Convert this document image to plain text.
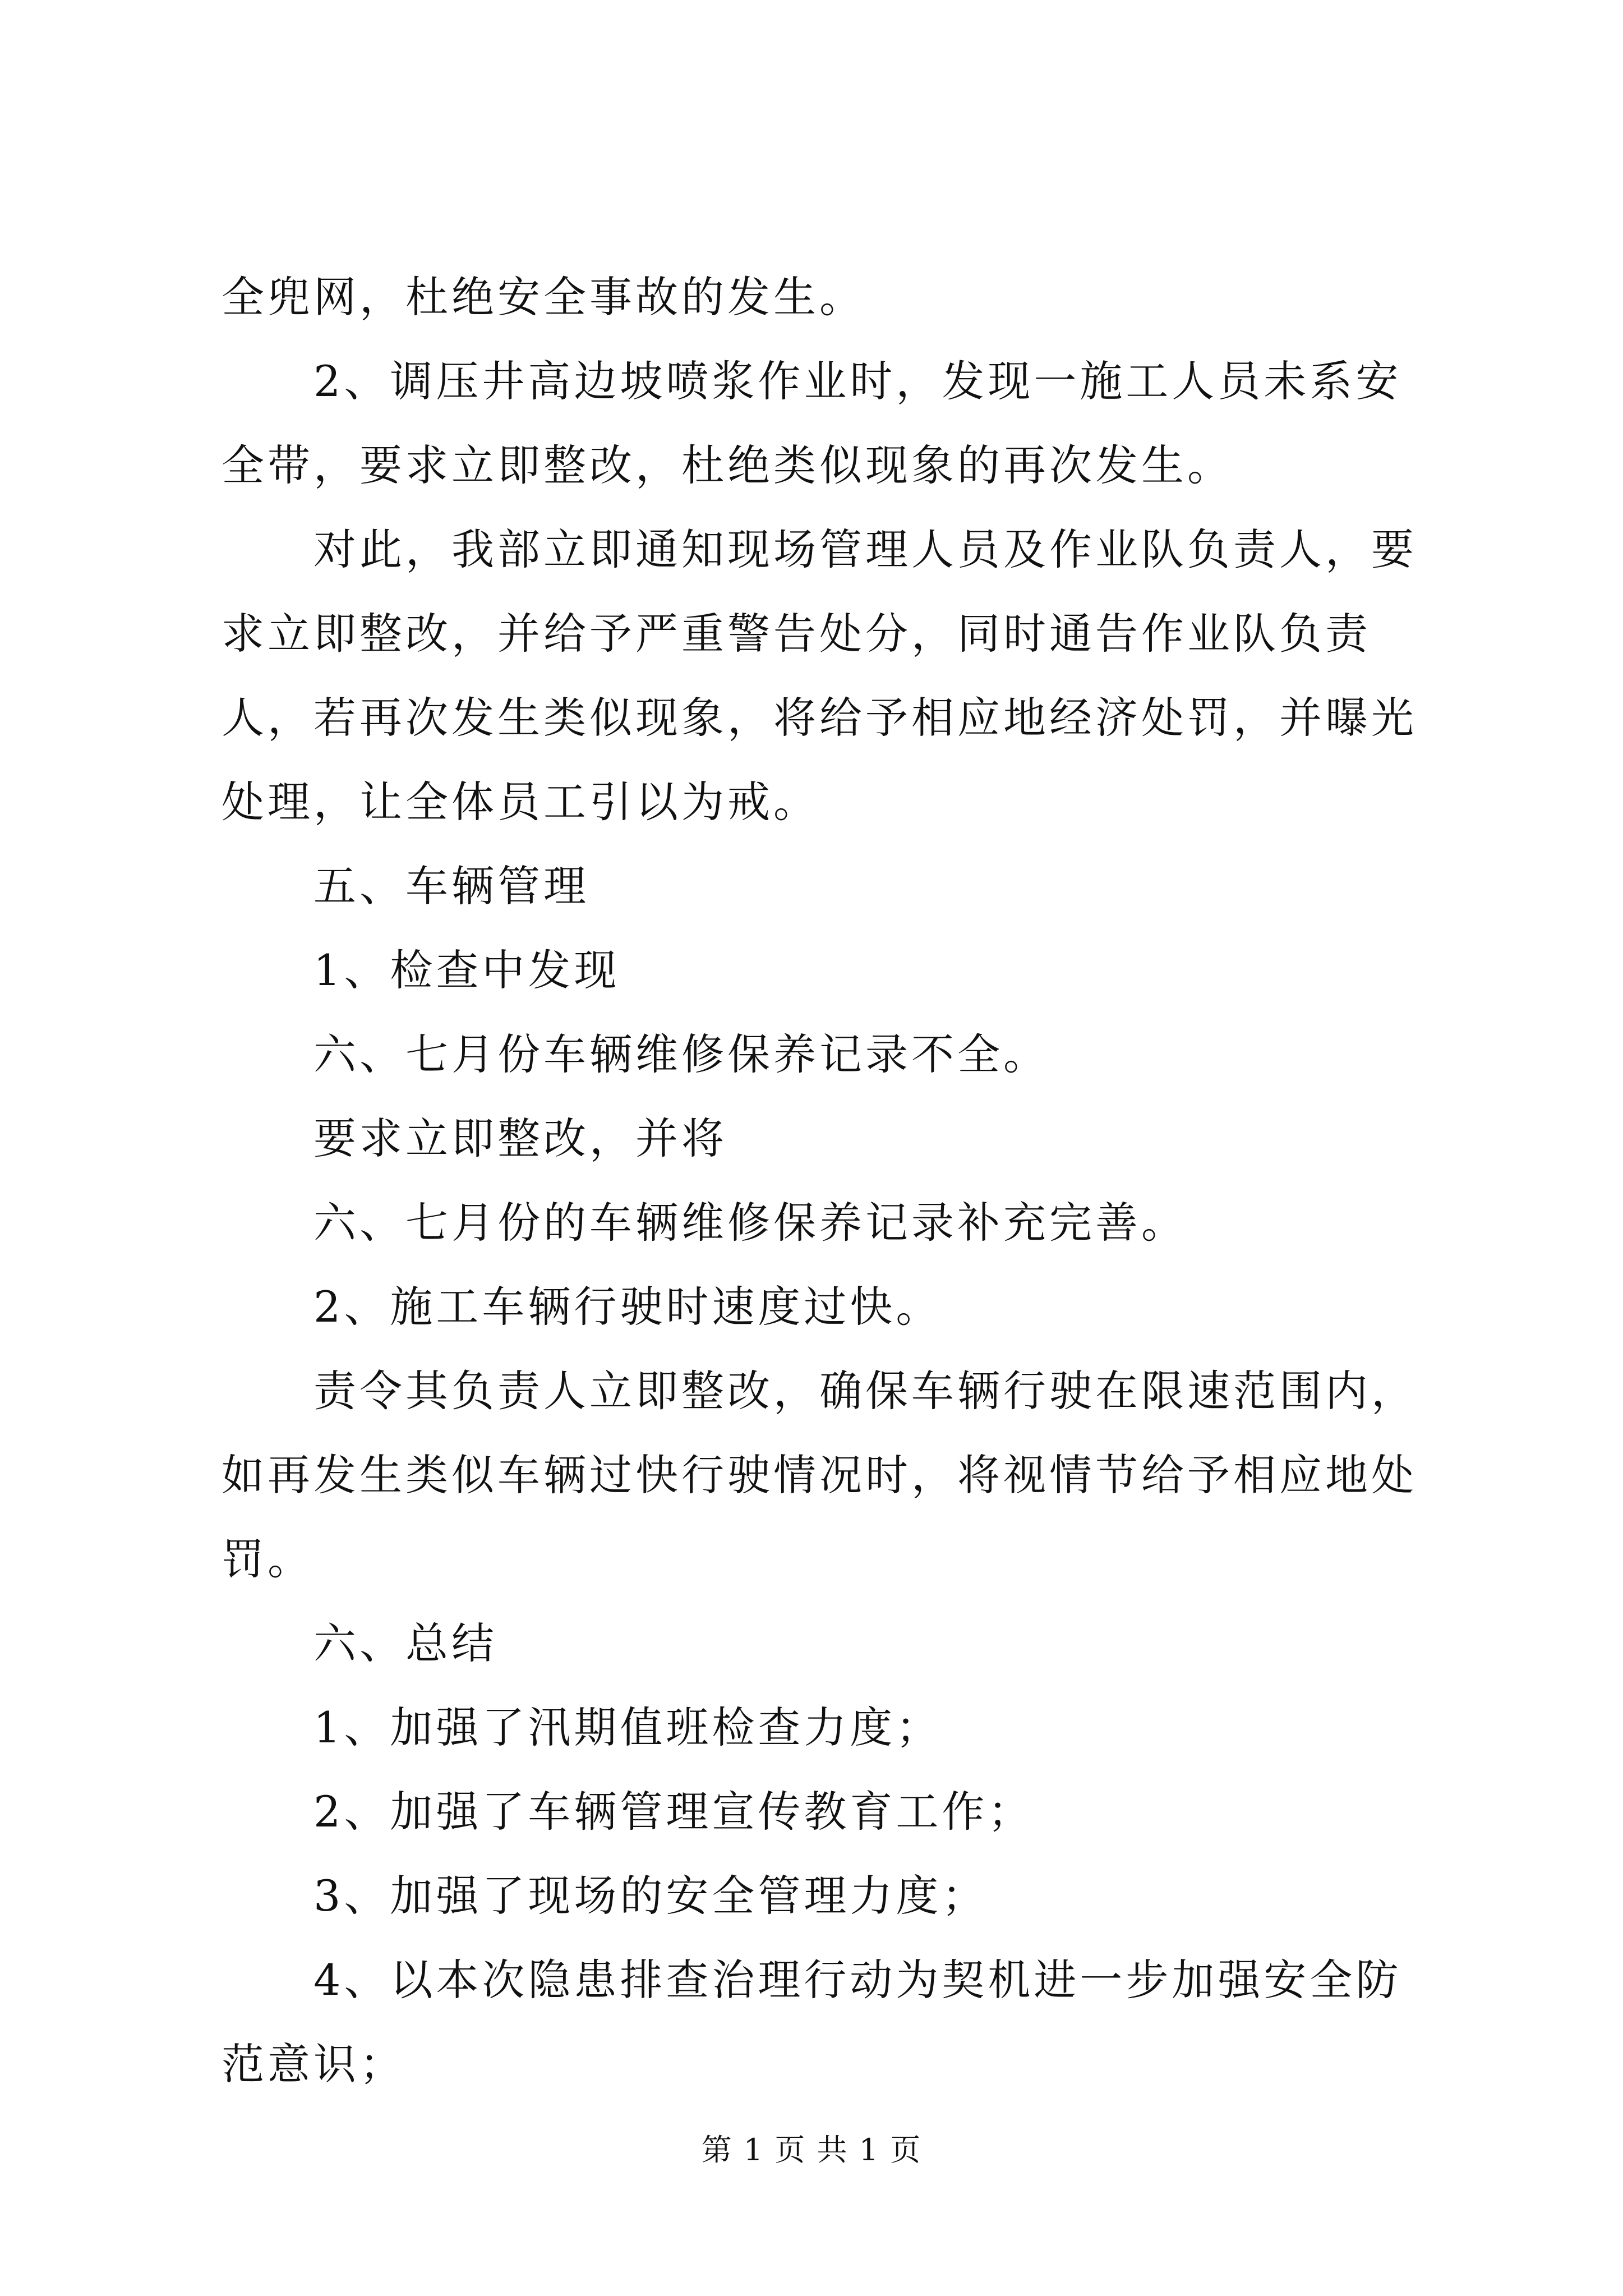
全兜网，杜绝安全事故的发生。

2、调压井高边坡喷浆作业时，发现一施工人员未系安全带，要求立即整改，杜绝类似现象的再次发生。

对此，我部立即通知现场管理人员及作业队负责人，要求立即整改，并给予严重警告处分，同时通告作业队负责人，若再次发生类似现象，将给予相应地经济处罚，并曝光处理，让全体员工引以为戒。

五、车辆管理

1、检查中发现

六、七月份车辆维修保养记录不全。

要求立即整改，并将

六、七月份的车辆维修保养记录补充完善。

2、施工车辆行驶时速度过快。

责令其负责人立即整改，确保车辆行驶在限速范围内，如再发生类似车辆过快行驶情况时，将视情节给予相应地处罚。

六、总结

1、加强了汛期值班检查力度；

2、加强了车辆管理宣传教育工作；

3、加强了现场的安全管理力度；

4、以本次隐患排查治理行动为契机进一步加强安全防范意识；

第 1 页 共 1 页
